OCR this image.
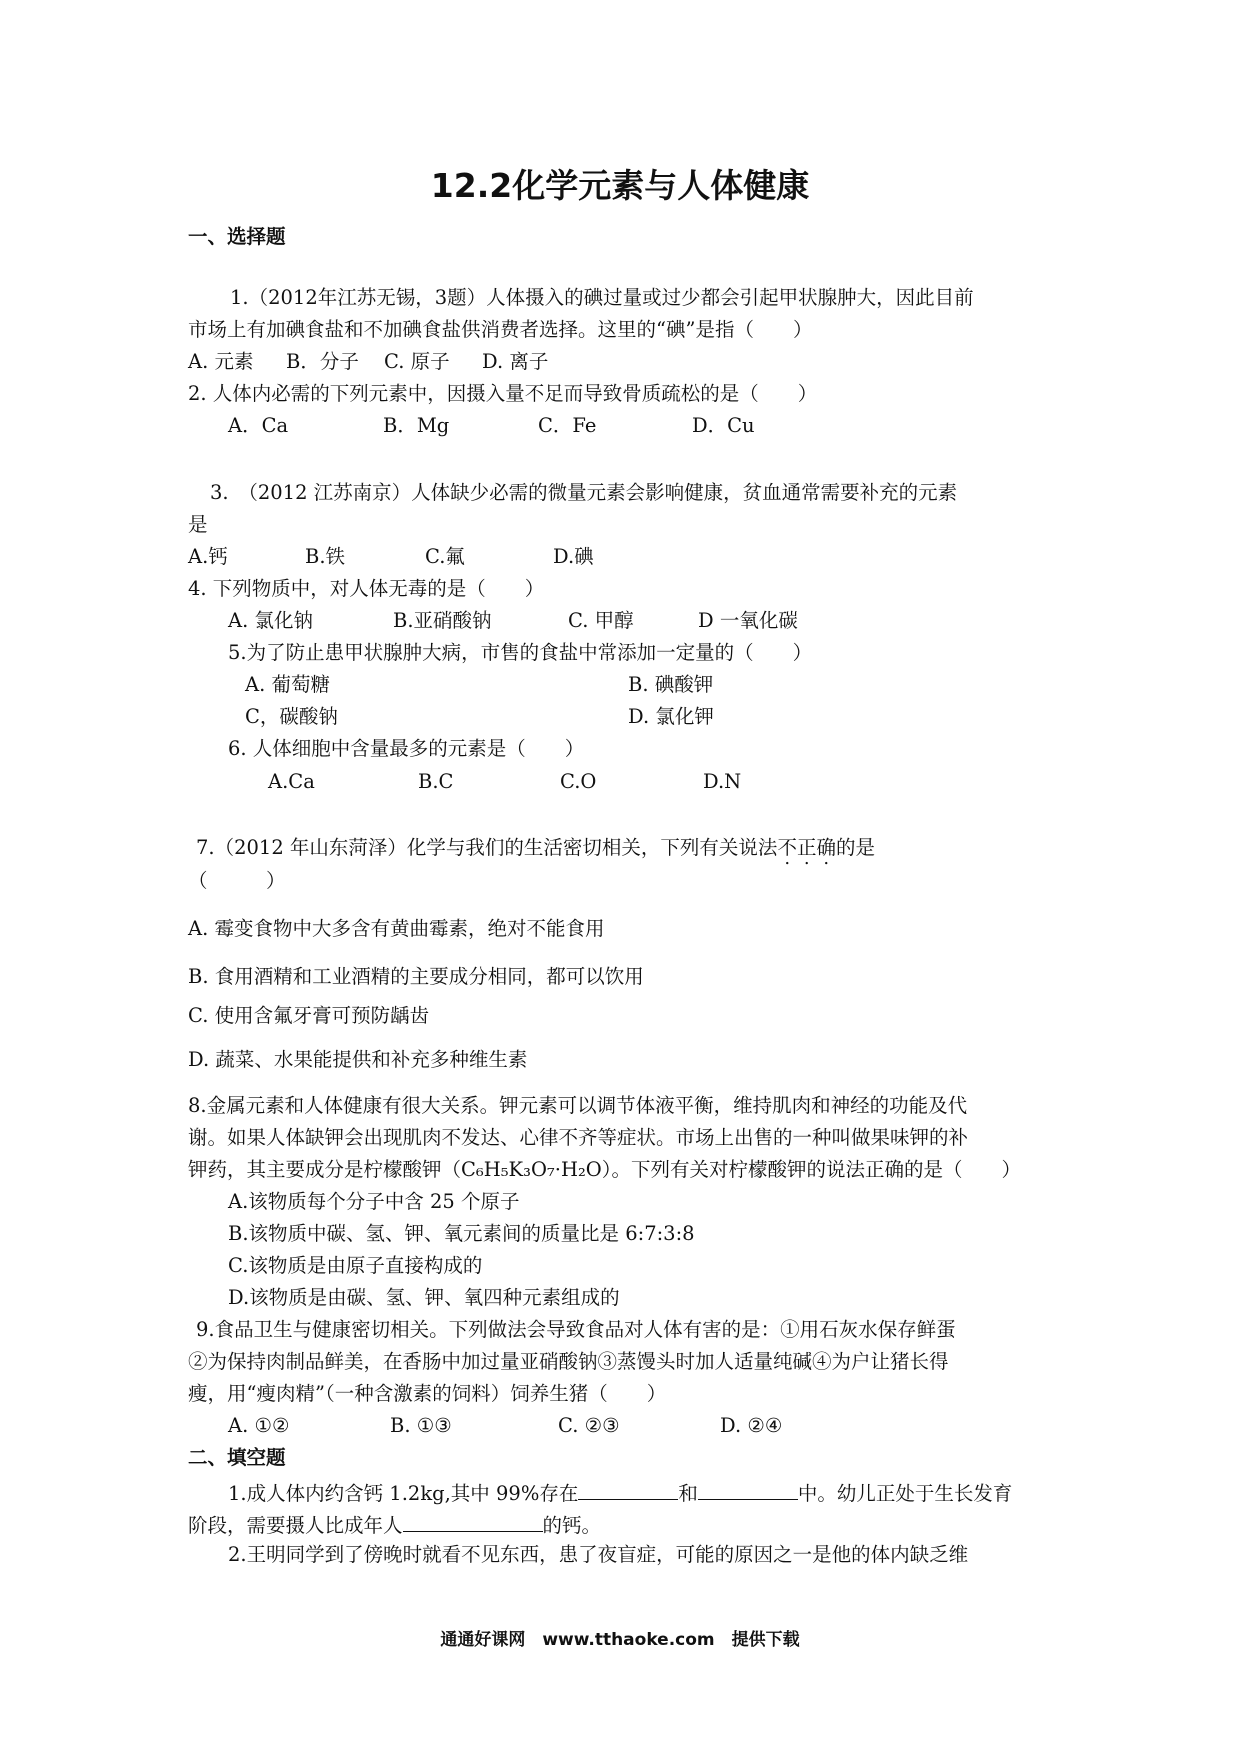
12.2化学元素与人体健康
一、选择题
1.（2012年江苏无锡，3题）人体摄入的碘过量或过少都会引起甲状腺肿大，因此目前
市场上有加碘食盐和不加碘食盐供消费者选择。这里的“碘”是指（　　）
A. 元素 B．分子 C. 原子 D. 离子
2. 人体内必需的下列元素中，因摄入量不足而导致骨质疏松的是（　　）
A．Ca	B．Mg	C．Fe	D．Cu
3.　（2012 江苏南京）人体缺少必需的微量元素会影响健康，贫血通常需要补充的元素
是
A.钙	B.铁	C.氟	D.碘
4. 下列物质中，对人体无毒的是（　　）
A. 氯化钠	B.亚硝酸钠	C. 甲醇	D 一氧化碳
5.为了防止患甲状腺肿大病，市售的食盐中常添加一定量的（　　）
A. 葡萄糖	B. 碘酸钾
C，碳酸钠	D. 氯化钾
6. 人体细胞中含量最多的元素是（　　）
A.Ca	B.C	C.O	D.N
7.（2012 年山东菏泽）化学与我们的生活密切相关，下列有关说法不正确的是
（　　　）
A. 霉变食物中大多含有黄曲霉素，绝对不能食用
B. 食用酒精和工业酒精的主要成分相同，都可以饮用
C. 使用含氟牙膏可预防龋齿
D. 蔬菜、水果能提供和补充多种维生素
8.金属元素和人体健康有很大关系。钾元素可以调节体液平衡，维持肌肉和神经的功能及代
谢。如果人体缺钾会出现肌肉不发达、心律不齐等症状。市场上出售的一种叫做果味钾的补
钾药，其主要成分是柠檬酸钾（C₆H₅K₃O₇·H₂O）。下列有关对柠檬酸钾的说法正确的是（　　）
A.该物质每个分子中含 25 个原子
B.该物质中碳、氢、钾、氧元素间的质量比是 6:7:3:8
C.该物质是由原子直接构成的
D.该物质是由碳、氢、钾、氧四种元素组成的
9.食品卫生与健康密切相关。下列做法会导致食品对人体有害的是：①用石灰水保存鲜蛋
②为保持肉制品鲜美，在香肠中加过量亚硝酸钠③蒸馒头时加人适量纯碱④为户让猪长得
瘦，用“瘦肉精”（一种含激素的饲料）饲养生猪（　　）
A. ①②	B. ①③	C. ②③	D. ②④
二、填空题
1.成人体内约含钙 1.2kg,其中 99%存在	和	中。幼儿正处于生长发育
阶段，需要摄人比成年人	的钙。
2.王明同学到了傍晚时就看不见东西，患了夜盲症，可能的原因之一是他的体内缺乏维
通通好课网　www.tthaoke.com　提供下载
